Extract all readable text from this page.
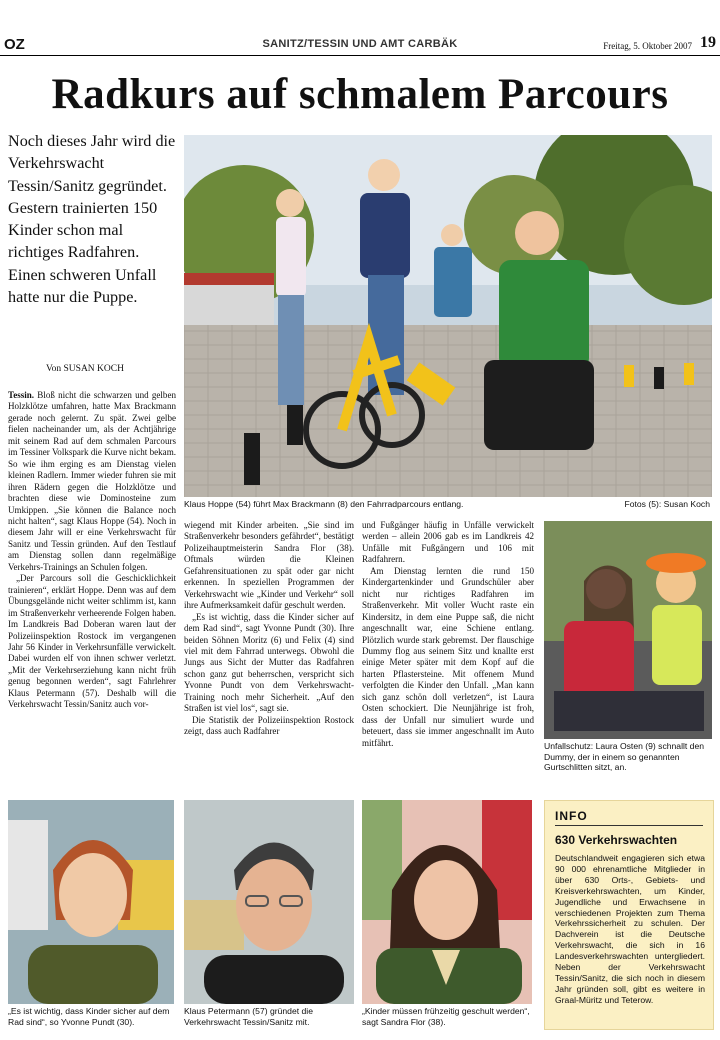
OZ	SANITZ/TESSIN UND AMT CARBÄK	Freitag, 5. Oktober 2007 19
Radkurs auf schmalem Parcours
Noch dieses Jahr wird die Verkehrswacht Tessin/Sanitz gegründet. Gestern trainierten 150 Kinder schon mal richtiges Radfahren. Einen schweren Unfall hatte nur die Puppe.
Von SUSAN KOCH
Klaus Hoppe (54) führt Max Brackmann (8) den Fahrradparcours entlang.	Fotos (5): Susan Koch

Tessin. Bloß nicht die schwarzen und gelben Holzklötze umfahren, hatte Max Brackmann gerade noch gelernt. Zu spät. Zwei gelbe fielen nacheinander um, als der Achtjährige mit seinem Rad auf dem schmalen Parcours im Tessiner Volkspark die Kurve nicht bekam. So wie ihm erging es am Dienstag vielen kleinen Radlern. Immer wieder fuhren sie mit ihren Rädern gegen die Holzklötze und brachten diese wie Dominosteine zum Umkippen. „Sie können die Balance noch nicht halten“, sagt Klaus Hoppe (54). Noch in diesem Jahr will er eine Verkehrswacht für Sanitz und Tessin gründen. Auf den Testlauf am Dienstag sollen dann regelmäßige Verkehrs-Trainings an Schulen folgen.

„Der Parcours soll die Geschicklichkeit trainieren“, erklärt Hoppe. Denn was auf dem Übungsgelände nicht weiter schlimm ist, kann im Straßenverkehr verheerende Folgen haben. Im Landkreis Bad Doberan waren laut der Polizeiinspektion Rostock im vergangenen Jahr 56 Kinder in Verkehrsunfälle verwickelt. Dabei wurden elf von ihnen schwer verletzt. „Mit der Verkehrserziehung kann nicht früh genug begonnen werden“, sagt Fahrlehrer Klaus Petermann (57). Deshalb will die Verkehrswacht Tessin/Sanitz auch vor-

wiegend mit Kinder arbeiten. „Sie sind im Straßenverkehr besonders gefährdet“, bestätigt Polizeihauptmeisterin Sandra Flor (38). Oftmals würden die Kleinen Gefahrensituationen zu spät oder gar nicht erkennen. In speziellen Programmen der Verkehrswacht wie „Kinder und Verkehr“ soll ihre Aufmerksamkeit dafür geschult werden.

„Es ist wichtig, dass die Kinder sicher auf dem Rad sind“, sagt Yvonne Pundt (30). Ihre beiden Söhnen Moritz (6) und Felix (4) sind viel mit dem Fahrrad unterwegs. Obwohl die Jungs aus Sicht der Mutter das Radfahren schon ganz gut beherrschen, verspricht sich Yvonne Pundt von dem Verkehrswacht-Training noch mehr Sicherheit. „Auf den Straßen ist viel los“, sagt sie.

Die Statistik der Polizeiinspektion Rostock zeigt, dass auch Radfahrer

und Fußgänger häufig in Unfälle verwickelt werden – allein 2006 gab es im Landkreis 42 Unfälle mit Fußgängern und 106 mit Radfahrern.

Am Dienstag lernten die rund 150 Kindergartenkinder und Grundschüler aber nicht nur richtiges Radfahren im Straßenverkehr. Mit voller Wucht raste ein Kindersitz, in dem eine Puppe saß, die nicht angeschnallt war, eine Schiene entlang. Plötzlich wurde stark gebremst. Der flauschige Dummy flog aus seinem Sitz und knallte erst einige Meter später mit dem Kopf auf die harten Pflastersteine. Mit offenem Mund verfolgten die Kinder den Unfall. „Man kann sich ganz schön doll verletzen“, ist Laura Osten schockiert. Die Neunjährige ist froh, dass der Unfall nur simuliert wurde und beteuert, dass sie immer angeschnallt im Auto mitfährt.	Unfallschutz: Laura Osten (9) schnallt den Dummy, der in einem so genannten Gurtschlitten sitzt, an.
„Es ist wichtig, dass Kinder sicher auf dem Rad sind“, so Yvonne Pundt (30).
Klaus Petermann (57) gründet die Verkehrswacht Tessin/Sanitz mit.
„Kinder müssen frühzeitig geschult werden“, sagt Sandra Flor (38).
INFO
630 Verkehrswachten
Deutschlandweit engagieren sich etwa 90 000 ehrenamtliche Mitglieder in über 630 Orts-, Gebiets- und Kreisverkehrswachten, um Kinder, Jugendliche und Erwachsene in verschiedenen Projekten zum Thema Verkehrssicherheit zu schulen. Der Dachverein ist die Deutsche Verkehrswacht, die sich in 16 Landesverkehrswachten untergliedert. Neben der Verkehrswacht Tessin/Sanitz, die sich noch in diesem Jahr gründen soll, gibt es weitere in Graal-Müritz und Teterow.
